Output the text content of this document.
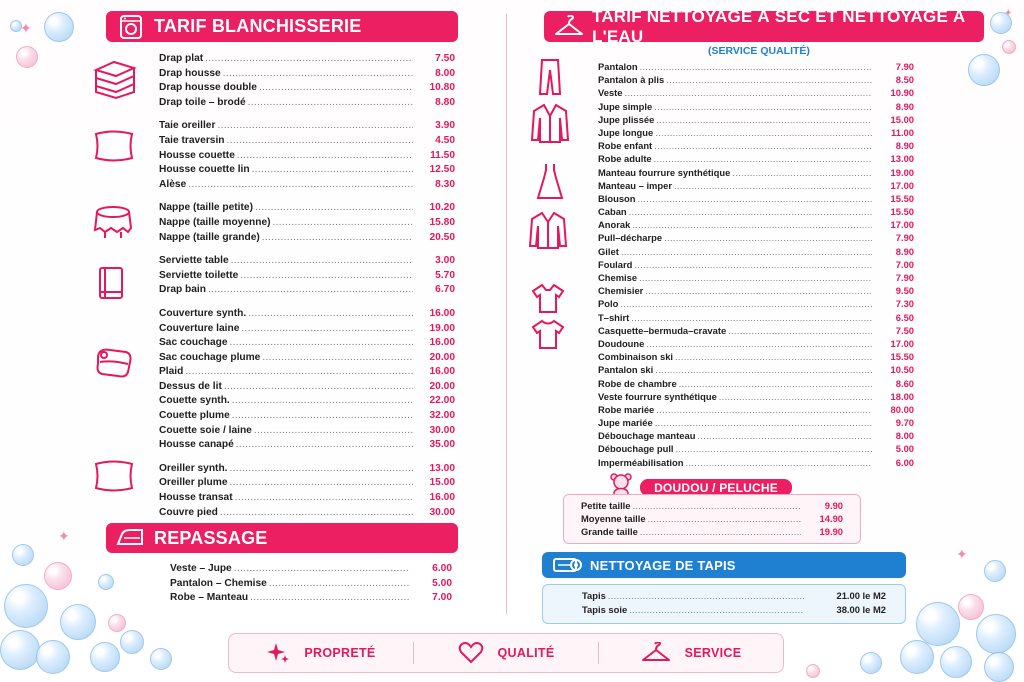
✦
✦
✦
✦
TARIF BLANCHISSERIE
Drap plat .....	7.50
Drap housse .....	8.00
Drap housse double .....	10.80
Drap toile – brodé .....	8.80
Taie oreiller .....	3.90
Taie traversin .....	4.50
Housse couette .....	11.50
Housse couette lin .....	12.50
Alèse .....	8.30
Nappe (taille petite) .....	10.20
Nappe (taille moyenne) .....	15.80
Nappe (taille grande) .....	20.50
Serviette table .....	3.00
Serviette toilette .....	5.70
Drap bain .....	6.70
Couverture synth. .....	16.00
Couverture laine .....	19.00
Sac couchage .....	16.00
Sac couchage plume .....	20.00
Plaid .....	16.00
Dessus de lit .....	20.00
Couette synth. .....	22.00
Couette plume .....	32.00
Couette soie / laine .....	30.00
Housse canapé .....	35.00
Oreiller synth. .....	13.00
Oreiller plume .....	15.00
Housse transat .....	16.00
Couvre pied .....	30.00
REPASSAGE
Veste – Jupe .....	6.00
Pantalon – Chemise .....	5.00
Robe – Manteau .....	7.00
TARIF NETTOYAGE À SEC ET NETTOYAGE À L'EAU
(SERVICE QUALITÉ)
Pantalon .....	7.90
Pantalon à plis .....	8.50
Veste .....	10.90
Jupe simple .....	8.90
Jupe plissée .....	15.00
Jupe longue .....	11.00
Robe enfant .....	8.90
Robe adulte .....	13.00
Manteau fourrure synthétique .....	19.00
Manteau – imper .....	17.00
Blouson .....	15.50
Caban .....	15.50
Anorak .....	17.00
Pull–décharpe .....	7.90
Gilet .....	8.90
Foulard .....	7.00
Chemise .....	7.90
Chemisier .....	9.50
Polo .....	7.30
T–shirt .....	6.50
Casquette–bermuda–cravate .....	7.50
Doudoune .....	17.00
Combinaison ski .....	15.50
Pantalon ski .....	10.50
Robe de chambre .....	8.60
Veste fourrure synthétique .....	18.00
Robe mariée .....	80.00
Jupe mariée .....	9.70
Débouchage manteau .....	8.00
Débouchage pull .....	5.00
Imperméabilisation .....	6.00
DOUDOU / PELUCHE
Petite taille .....	9.90
Moyenne taille .....	14.90
Grande taille .....	19.90
NETTOYAGE DE TAPIS
Tapis .....	21.00 le M2
Tapis soie .....	38.00 le M2
PROPRETÉ	QUALITÉ	SERVICE
